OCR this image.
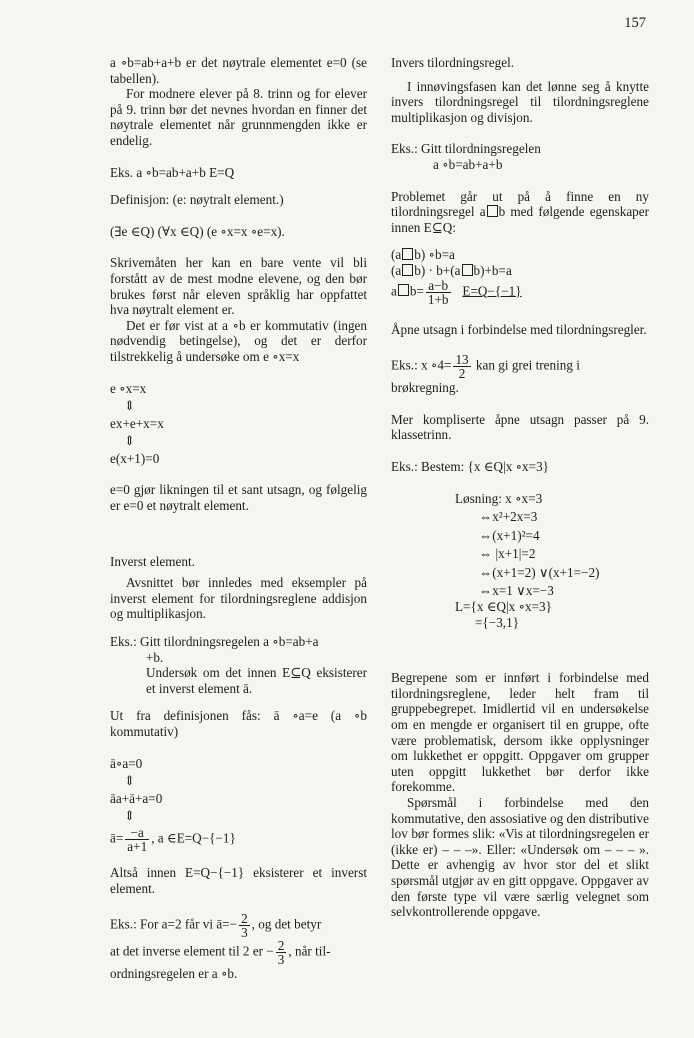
157

a ∘b=ab+a+b er det nøytrale elementet e=0 (se tabellen).

For modnere elever på 8. trinn og for elever på 9. trinn bør det nevnes hvordan en finner det nøytrale elementet når grunnmengden ikke er endelig.

Eks. a ∘b=ab+a+b E=Q

Definisjon: (e: nøytralt element.)

(∃e ∈Q) (∀x ∈Q) (e ∘x=x ∘e=x).

Skrivemåten her kan en bare vente vil bli forstått av de mest modne elevene, og den bør brukes først når eleven språklig har oppfattet hva nøytralt element er.

Det er før vist at a ∘b er kommutativ (ingen nødvendig betingelse), og det er derfor tilstrekkelig å undersøke om e ∘x=x

e ∘x=x
⇕
ex+e+x=x
⇕
e(x+1)=0

e=0 gjør likningen til et sant utsagn, og følgelig er e=0 et nøytralt element.

Inverst element.

Avsnittet bør innledes med eksempler på inverst element for tilordningsreglene addisjon og multiplikasjon.

Eks.: Gitt tilordningsregelen a ∘b=ab+a
+b.

Undersøk om det innen E⊆Q eksisterer et inverst element ā.

Ut fra definisjonen fås: ā ∘a=e (a ∘b kommutativ)

ā∘a=0
⇕
āa+ā+a=0
⇕
ā= $\frac{-a}{a+1}$ , a ∈E=Q−{−1}

Altså innen E=Q−{−1} eksisterer et inverst element.

Eks.: For a=2 får vi ā=− $\frac{2}{3}$ , og det betyr
at det inverse element til 2 er − $\frac{2}{3}$ , når til-
ordningsregelen er a ∘b.

Invers tilordningsregel.

I innøvingsfasen kan det lønne seg å knytte invers tilordningsregel til tilordningsreglene multiplikasjon og divisjon.

Eks.: Gitt tilordningsregelen
a ∘b=ab+a+b

Problemet går ut på å finne en ny tilordningsregel a b med følgende egenskaper innen E⊆Q:

(a b) ∘b=a
(a b) · b+(a b)+b=a
a $b= \frac{a-b}{1+b} E=Q-\{-1\}$

Åpne utsagn i forbindelse med tilordningsregler.

Eks.: x ∘4= $\frac{13}{2}$ kan gi grei trening i brøkregning.

Mer kompliserte åpne utsagn passer på 9. klassetrinn.

Eks.: Bestem: {x ∈Q|x ∘x=3}

Løsning: x ∘x=3
⇔x²+2x=3
⇔(x+1)²=4
⇔ |x+1|=2
⇔(x+1=2) ∨(x+1=−2)
⇔x=1 ∨x=−3
L={x ∈Q|x ∘x=3}
={−3,1}

Begrepene som er innført i forbindelse med tilordningsreglene, leder helt fram til gruppebegrepet. Imidlertid vil en undersøkelse om en mengde er organisert til en gruppe, ofte være problematisk, dersom ikke opplysninger om lukkethet er oppgitt. Oppgaver om grupper uten oppgitt lukkethet bør derfor ikke forekomme.

Spørsmål i forbindelse med den kommutative, den assosiative og den distributive lov bør formes slik: «Vis at tilordningsregelen er (ikke er) – – –». Eller: «Undersøk om – – – ». Dette er avhengig av hvor stor del et slikt spørsmål utgjør av en gitt oppgave. Oppgaver av den første type vil være særlig velegnet som selvkontrollerende oppgave.
